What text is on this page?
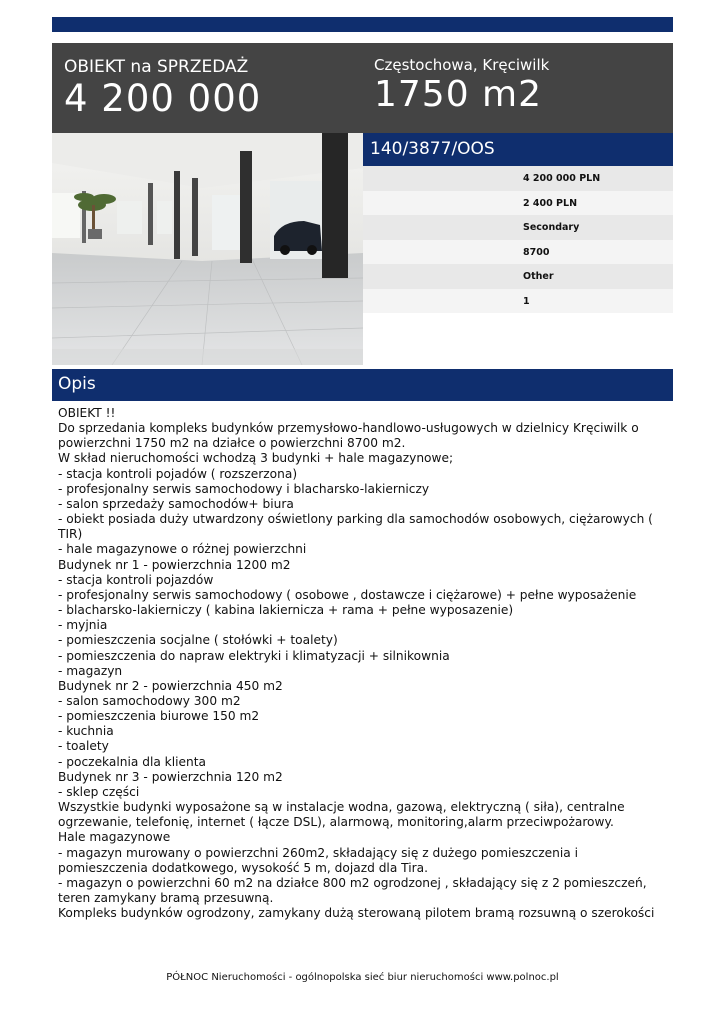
OBIEKT na SPRZEDAŻ
4 200 000
Częstochowa, Kręciwilk
1750 m2
140/3877/OOS
4 200 000 PLN
2 400 PLN
Secondary
8700
Other
1
Opis

OBIEKT !!

Do sprzedania kompleks budynków przemysłowo-handlowo-usługowych w dzielnicy Kręciwilk o

powierzchni 1750 m2 na działce o powierzchni 8700 m2.

W skład nieruchomości wchodzą 3 budynki + hale magazynowe;

- stacja kontroli pojadów ( rozszerzona)

- profesjonalny serwis samochodowy i blacharsko-lakierniczy

- salon sprzedaży samochodów+ biura

- obiekt posiada duży utwardzony oświetlony parking dla samochodów osobowych, ciężarowych (

TIR)

- hale magazynowe o różnej powierzchni

Budynek nr 1 - powierzchnia 1200 m2

- stacja kontroli pojazdów

- profesjonalny serwis samochodowy ( osobowe , dostawcze i ciężarowe) + pełne wyposażenie

- blacharsko-lakierniczy ( kabina lakiernicza + rama + pełne wyposazenie)

- myjnia

- pomieszczenia socjalne ( stołówki + toalety)

- pomieszczenia do napraw elektryki i klimatyzacji + silnikownia

- magazyn

Budynek nr 2 - powierzchnia 450 m2

- salon samochodowy 300 m2

- pomieszczenia biurowe 150 m2

- kuchnia

- toalety

- poczekalnia dla klienta

Budynek nr 3 - powierzchnia 120 m2

- sklep części

Wszystkie budynki wyposażone są w instalacje wodna, gazową, elektryczną ( siła), centralne

ogrzewanie, telefonię, internet ( łącze DSL), alarmową, monitoring,alarm przeciwpożarowy.

Hale magazynowe

- magazyn murowany o powierzchni 260m2, składający się z dużego pomieszczenia i

pomieszczenia dodatkowego, wysokość 5 m, dojazd dla Tira.

- magazyn o powierzchni 60 m2 na działce 800 m2 ogrodzonej , składający się z 2 pomieszczeń,

teren zamykany bramą przesuwną.

Kompleks budynków ogrodzony, zamykany dużą sterowaną pilotem bramą rozsuwną o szerokości

PÓŁNOC Nieruchomości - ogólnopolska sieć biur nieruchomości www.polnoc.pl
